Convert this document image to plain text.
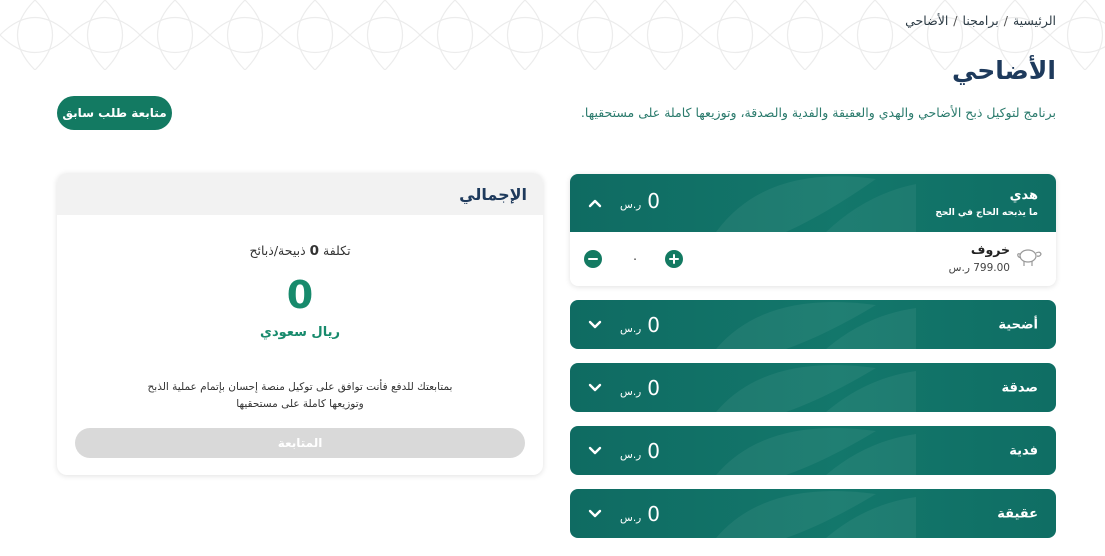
الرئيسية/برامجنا/الأضاحي
الأضاحي

برنامج لتوكيل ذبح الأضاحي والهدي والعقيقة والفدية والصدقة، وتوزيعها كاملة على مستحقيها.

متابعة طلب سابق
الإجمالي
تكلفة 0 ذبيحة/ذبائح
0
ريال سعودي
بمتابعتك للدفع فأنت توافق على توكيل منصة إحسان بإتمام عملية الذبح
وتوزيعها كاملة على مستحقيها
المتابعة
هدي
ما يذبحه الحاج في الحج
0
ر.س
خروف
799.00 ر.س
.
أضحية
0
ر.س
صدقة
0
ر.س
فدية
0
ر.س
عقيقة
0
ر.س
